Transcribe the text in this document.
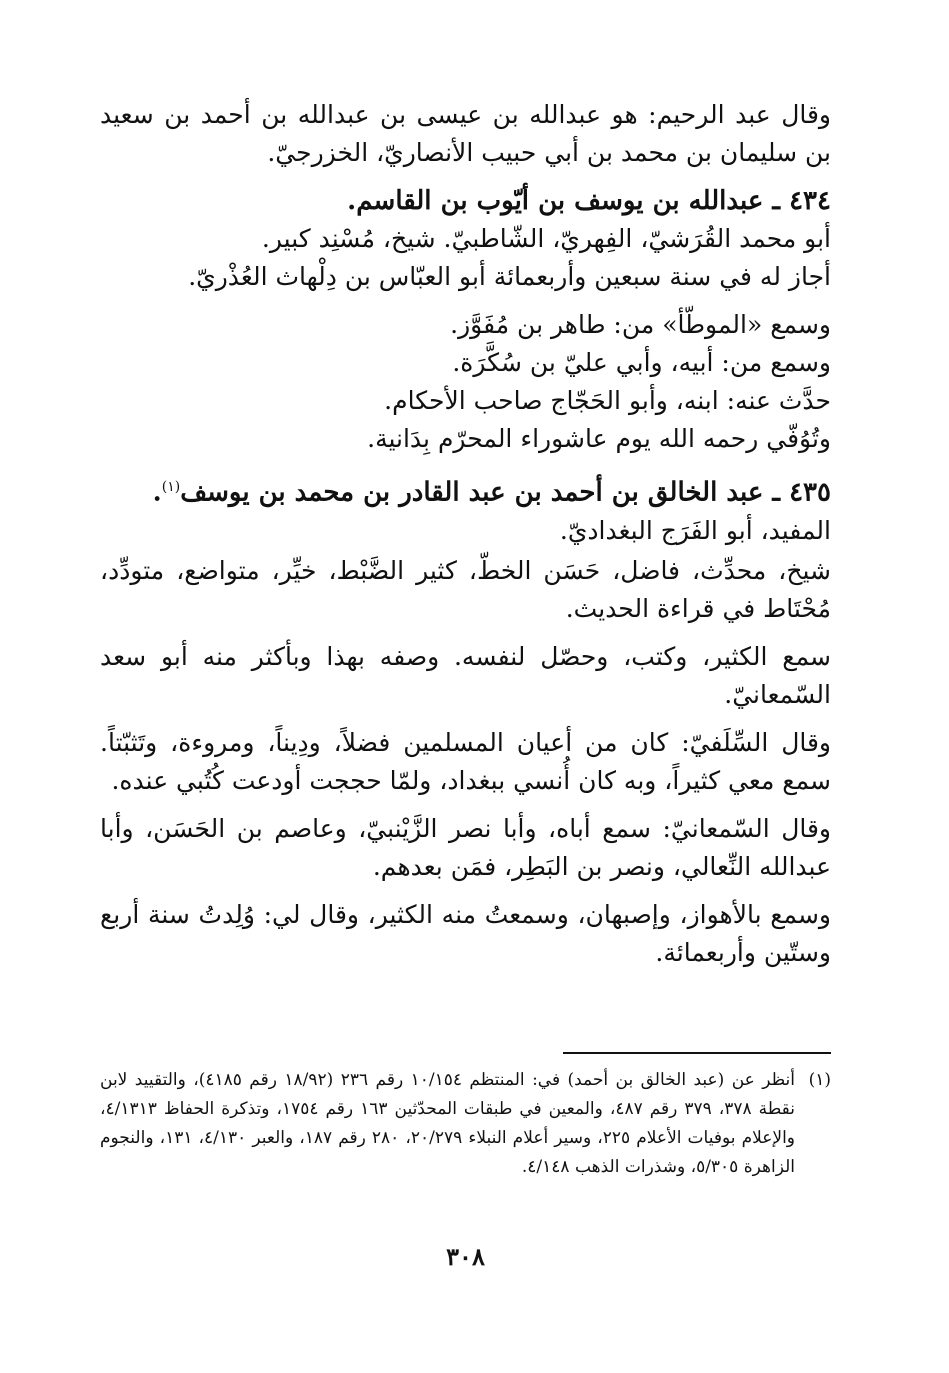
وقال عبد الرحيم: هو عبدالله بن عيسى بن عبدالله بن أحمد بن سعيد بن سليمان بن محمد بن أبي حبيب الأنصاريّ، الخزرجيّ.

٤٣٤ ـ عبدالله بن يوسف بن أيّوب بن القاسم.

أبو محمد القُرَشيّ، الفِهريّ، الشّاطبيّ. شيخ، مُسْنِد كبير.

أجاز له في سنة سبعين وأربعمائة أبو العبّاس بن دِلْهاث العُذْريّ.

وسمع «الموطّأ» من: طاهر بن مُفَوَّز.

وسمع من: أبيه، وأبي عليّ بن سُكَّرَة.

حدَّث عنه: ابنه، وأبو الحَجّاج صاحب الأحكام.

وتُوُفّي رحمه الله يوم عاشوراء المحرّم بِدَانية.

٤٣٥ ـ عبد الخالق بن أحمد بن عبد القادر بن محمد بن يوسف$^{(١)}$.

المفيد، أبو الفَرَج البغداديّ.

شيخ، محدِّث، فاضل، حَسَن الخطّ، كثير الضَّبْط، خيِّر، متواضع، متودِّد، مُحْتَاط في قراءة الحديث.

سمع الكثير، وكتب، وحصّل لنفسه. وصفه بهذا وبأكثر منه أبو سعد السّمعانيّ.

وقال السِّلَفيّ: كان من أعيان المسلمين فضلاً، ودِيناً، ومروءة، وتَثبّتاً. سمع معي كثيراً، وبه كان أُنسي ببغداد، ولمّا حججت أودعت كُتُبي عنده.

وقال السّمعانيّ: سمع أباه، وأبا نصر الزَّيْنبيّ، وعاصم بن الحَسَن، وأبا عبدالله النِّعالي، ونصر بن البَطِر، فمَن بعدهم.

وسمع بالأهواز، وإصبهان، وسمعتُ منه الكثير، وقال لي: وُلِدتُ سنة أربع وستّين وأربعمائة.

(١)
أنظر عن (عبد الخالق بن أحمد) في: المنتظم ١٠/١٥٤ رقم ٢٣٦ (١٨/٩٢ رقم ٤١٨٥)، والتقييد لابن نقطة ٣٧٨، ٣٧٩ رقم ٤٨٧، والمعين في طبقات المحدّثين ١٦٣ رقم ١٧٥٤، وتذكرة الحفاظ ٤/١٣١٣، والإعلام بوفيات الأعلام ٢٢٥، وسير أعلام النبلاء ٢٠/٢٧٩، ٢٨٠ رقم ١٨٧، والعبر ٤/١٣٠، ١٣١، والنجوم الزاهرة ٥/٣٠٥، وشذرات الذهب ٤/١٤٨.
٣٠٨
